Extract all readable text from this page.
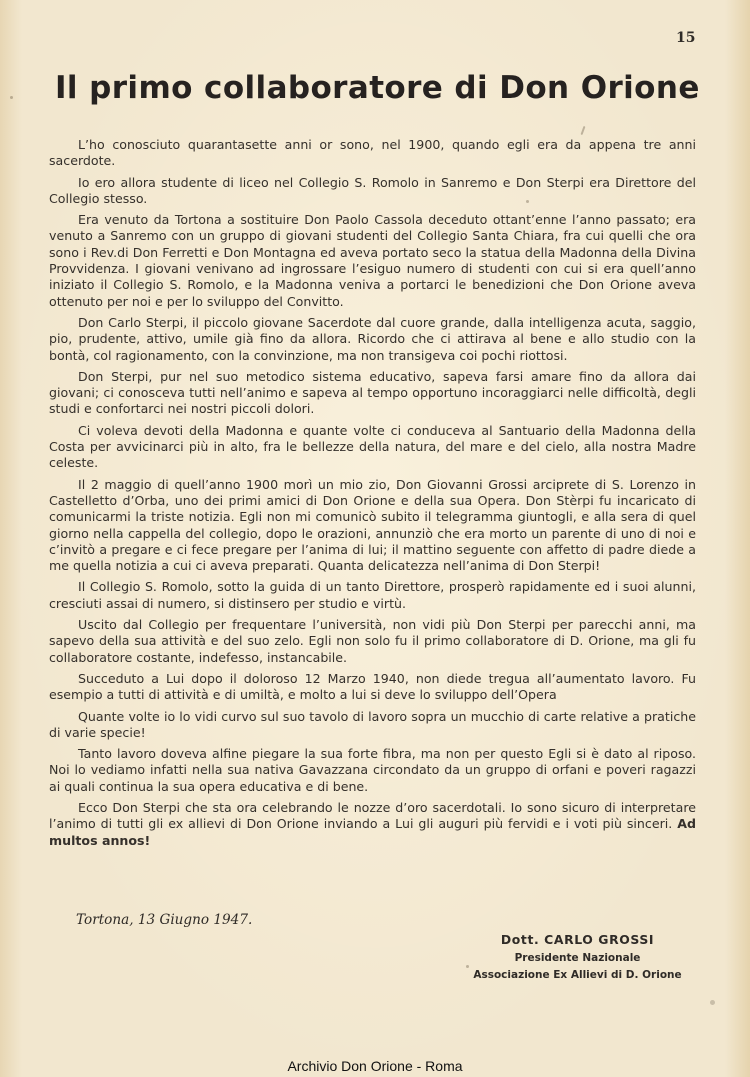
15
Il primo collaboratore di Don Orione

L’ho conosciuto quarantasette anni or sono, nel 1900, quando egli era da appena tre anni sacerdote.

Io ero allora studente di liceo nel Collegio S. Romolo in Sanremo e Don Sterpi era Direttore del Collegio stesso.

Era venuto da Tortona a sostituire Don Paolo Cassola deceduto ottant’enne l’anno passato; era venuto a Sanremo con un gruppo di giovani studenti del Collegio Santa Chiara, fra cui quelli che ora sono i Rev.di Don Ferretti e Don Montagna ed aveva portato seco la statua della Madonna della Divina Provvidenza. I giovani venivano ad ingrossare l’esiguo numero di studenti con cui si era quell’anno iniziato il Collegio S. Romolo, e la Madonna veniva a portarci le benedizioni che Don Orione aveva ottenuto per noi e per lo sviluppo del Convitto.

Don Carlo Sterpi, il piccolo giovane Sacerdote dal cuore grande, dalla intelligenza acuta, saggio, pio, prudente, attivo, umile già fino da allora. Ricordo che ci attirava al bene e allo studio con la bontà, col ragionamento, con la convinzione, ma non transigeva coi pochi riottosi.

Don Sterpi, pur nel suo metodico sistema educativo, sapeva farsi amare fino da allora dai giovani; ci conosceva tutti nell’animo e sapeva al tempo opportuno incoraggiarci nelle difficoltà, degli studi e confortarci nei nostri piccoli dolori.

Ci voleva devoti della Madonna e quante volte ci conduceva al Santuario della Madonna della Costa per avvicinarci più in alto, fra le bellezze della natura, del mare e del cielo, alla nostra Madre celeste.

Il 2 maggio di quell’anno 1900 morì un mio zio, Don Giovanni Grossi arciprete di S. Lorenzo in Castelletto d’Orba, uno dei primi amici di Don Orione e della sua Opera. Don Stèrpi fu incaricato di comunicarmi la triste notizia. Egli non mi comunicò subito il telegramma giuntogli, e alla sera di quel giorno nella cappella del collegio, dopo le orazioni, annunziò che era morto un parente di uno di noi e c’invitò a pregare e ci fece pregare per l’anima di lui; il mattino seguente con affetto di padre diede a me quella notizia a cui ci aveva preparati. Quanta delicatezza nell’anima di Don Sterpi!

Il Collegio S. Romolo, sotto la guida di un tanto Direttore, prosperò rapidamente ed i suoi alunni, cresciuti assai di numero, si distinsero per studio e virtù.

Uscito dal Collegio per frequentare l’università, non vidi più Don Sterpi per parecchi anni, ma sapevo della sua attività e del suo zelo. Egli non solo fu il primo collaboratore di D. Orione, ma gli fu collaboratore costante, indefesso, instancabile.

Succeduto a Lui dopo il doloroso 12 Marzo 1940, non diede tregua all’aumentato lavoro. Fu esempio a tutti di attività e di umiltà, e molto a lui si deve lo sviluppo dell’Opera

Quante volte io lo vidi curvo sul suo tavolo di lavoro sopra un mucchio di carte relative a pratiche di varie specie!

Tanto lavoro doveva alfine piegare la sua forte fibra, ma non per questo Egli si è dato al riposo. Noi lo vediamo infatti nella sua nativa Gavazzana circondato da un gruppo di orfani e poveri ragazzi ai quali continua la sua opera educativa e di bene.

Ecco Don Sterpi che sta ora celebrando le nozze d’oro sacerdotali. Io sono sicuro di interpretare l’animo di tutti gli ex allievi di Don Orione inviando a Lui gli auguri più fervidi e i voti più sinceri. Ad multos annos!

Tortona, 13 Giugno 1947.
Dott. CARLO GROSSI
Presidente Nazionale
Associazione Ex Allievi di D. Orione
Archivio Don Orione - Roma
